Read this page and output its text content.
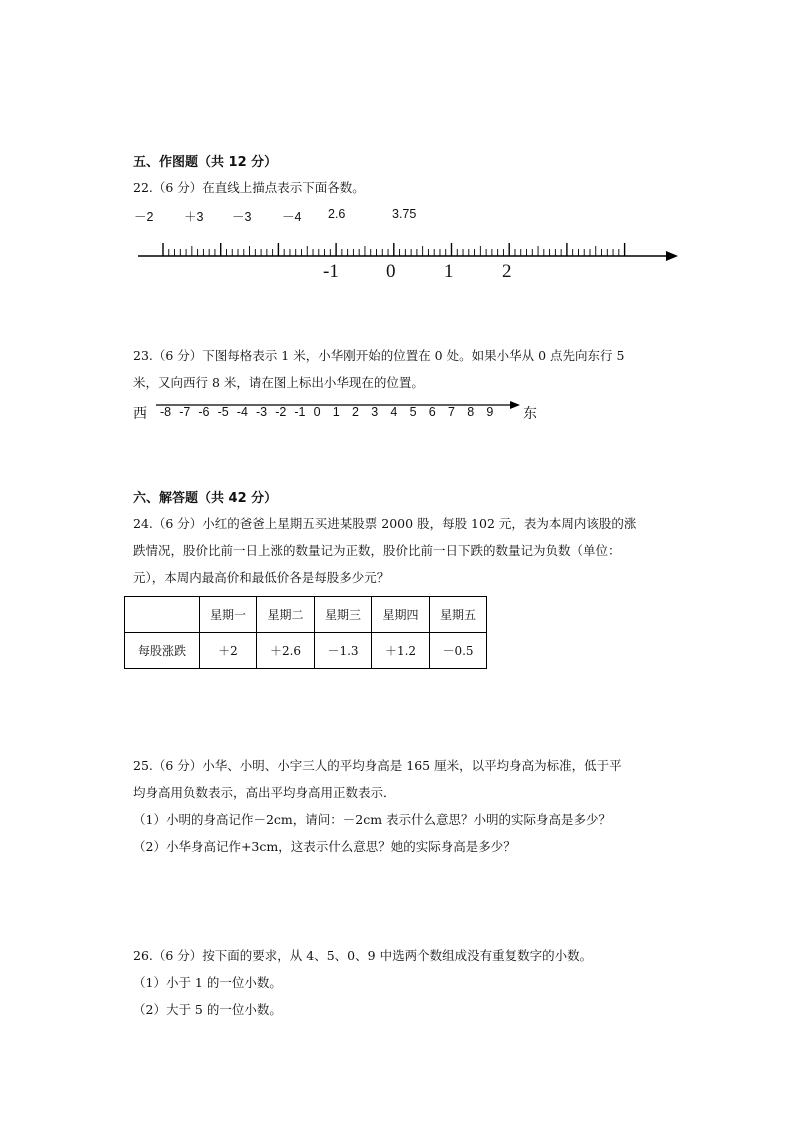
五、作图题（共 12 分）
22.（6 分）在直线上描点表示下面各数。
－2 ＋3 －3 －4 2.6	3.75
-1 0	1	2
23.（6 分）下图每格表示 1 米，小华刚开始的位置在 0 处。如果小华从 0 点先向东行 5
米，又向西行 8 米，请在图上标出小华现在的位置。
西 -8 -7 -6 -5 -4 -3 -2 -1 0 1 2 3 4 5 6 7 8 9 东
六、解答题（共 42 分）
24.（6 分）小红的爸爸上星期五买进某股票 2000 股，每股 102 元，表为本周内该股的涨
跌情况，股价比前一日上涨的数量记为正数，股价比前一日下跌的数量记为负数（单位：
元），本周内最高价和最低价各是每股多少元？
	星期一	星期二	星期三	星期四	星期五
每股涨跌	＋2	＋2.6	－1.3	＋1.2	－0.5
25.（6 分）小华、小明、小宇三人的平均身高是 165 厘米，以平均身高为标准，低于平
均身高用负数表示，高出平均身高用正数表示．
（1）小明的身高记作－2cm，请问：－2cm 表示什么意思？小明的实际身高是多少？
（2）小华身高记作+3cm，这表示什么意思？她的实际身高是多少？
26.（6 分）按下面的要求，从 4、5、0、9 中选两个数组成没有重复数字的小数。
（1）小于 1 的一位小数。
（2）大于 5 的一位小数。
